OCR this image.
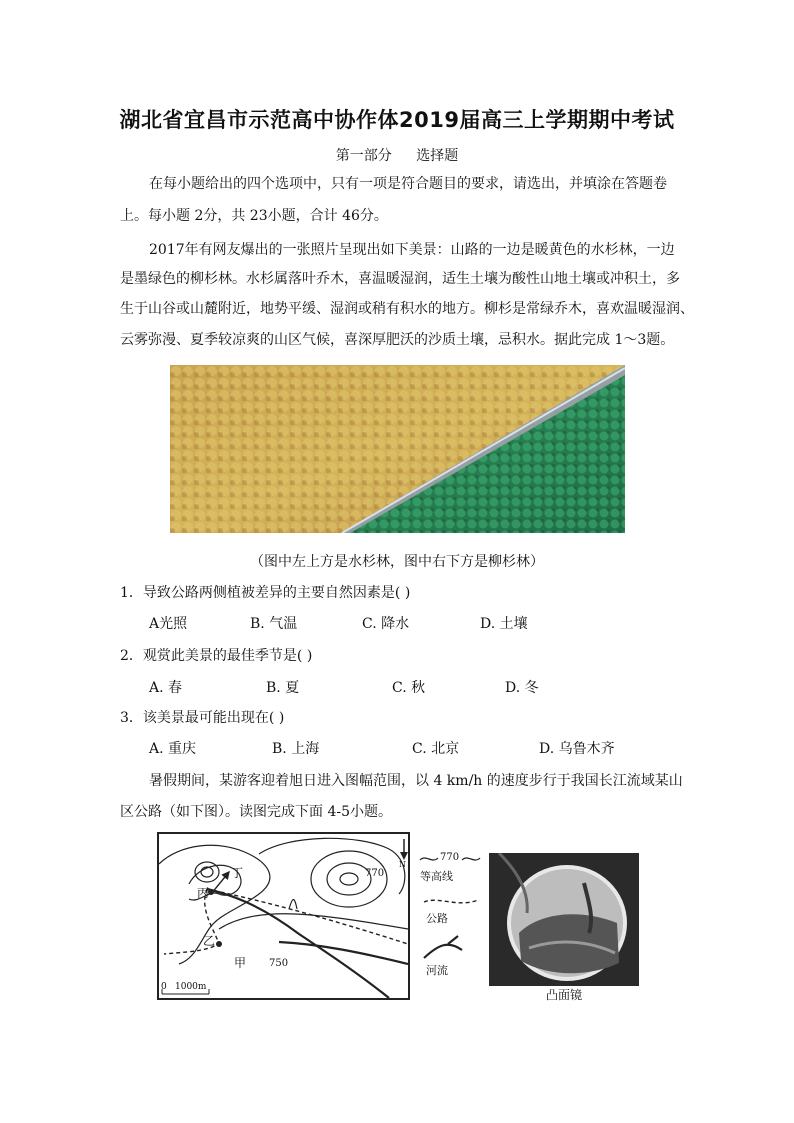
湖北省宜昌市示范高中协作体2019届高三上学期期中考试
第一部分 选择题
在每小题给出的四个选项中，只有一项是符合题目的要求，请选出，并填涂在答题卷
上。每小题 2分，共 23小题，合计 46分。
2017年有网友爆出的一张照片呈现出如下美景：山路的一边是暖黄色的水杉林，一边
是墨绿色的柳杉林。水杉属落叶乔木，喜温暖湿润，适生土壤为酸性山地土壤或冲积土，多
生于山谷或山麓附近，地势平缓、湿润或稍有积水的地方。柳杉是常绿乔木，喜欢温暖湿润、
云雾弥漫、夏季较凉爽的山区气候，喜深厚肥沃的沙质土壤，忌积水。据此完成 1～3题。
（图中左上方是水杉林，图中右下方是柳杉林）
1．导致公路两侧植被差异的主要自然因素是( )
A光照	B. 气温	C. 降水	D. 土壤
2．观赏此美景的最佳季节是( )
A. 春	B. 夏	C. 秋	D. 冬
3．该美景最可能出现在( )
A. 重庆	B. 上海	C. 北京	D. 乌鲁木齐
暑假期间，某游客迎着旭日进入图幅范围，以 4 km/h 的速度步行于我国长江流域某山
区公路（如下图）。读图完成下面 4-5小题。
丁
丙
乙
甲
N
770
750
0 1000m
770
等高线
公路
河流
凸面镜
